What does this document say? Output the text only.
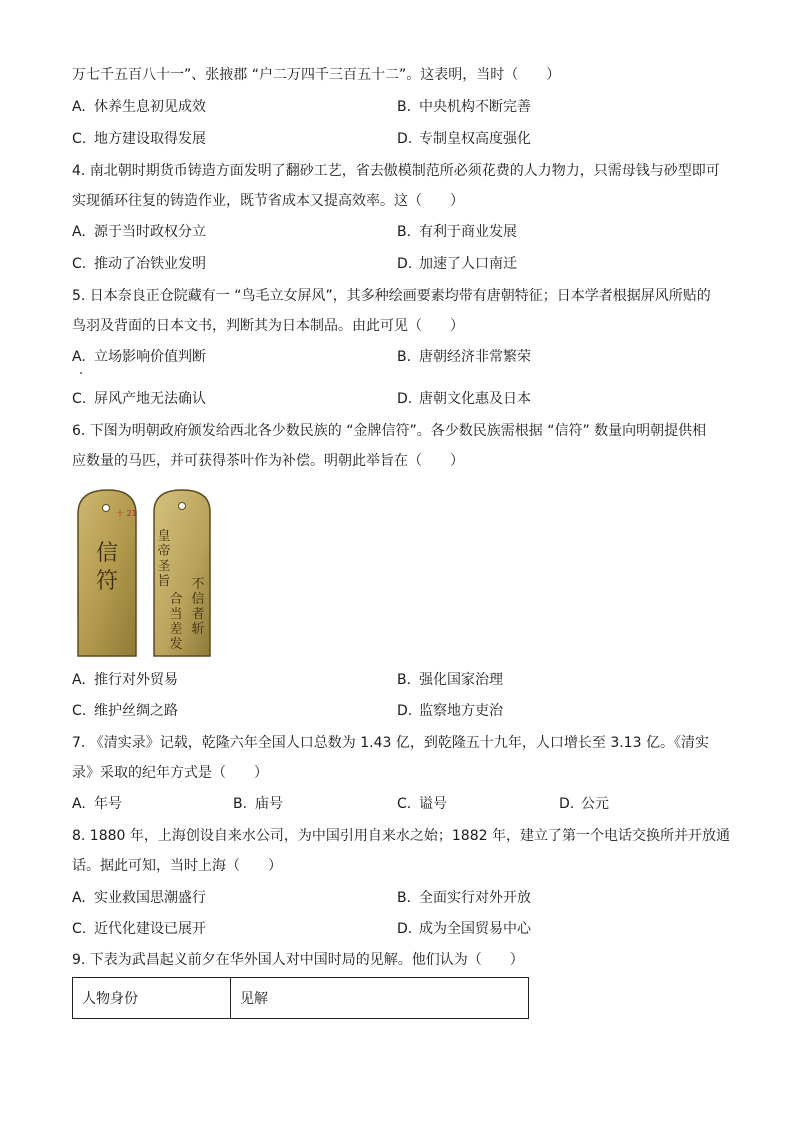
万七千五百八十一”、张掖郡 “户二万四千三百五十二”。这表明，当时（　　）
A. 休养生息初见成效	B. 中央机构不断完善
C. 地方建设取得发展	D. 专制皇权高度强化
4. 南北朝时期货币铸造方面发明了翻砂工艺，省去傲模制范所必须花费的人力物力，只需母钱与砂型即可
实现循环往复的铸造作业，既节省成本又提高效率。这（　　）
A. 源于当时政权分立	B. 有利于商业发展
C. 推动了冶铁业发明	D. 加速了人口南迁
5. 日本奈良正仓院藏有一 “鸟毛立女屏风”，其多种绘画要素均带有唐朝特征；日本学者根据屏风所贴的
鸟羽及背面的日本文书，判断其为日本制品。由此可见（　　）
A. 立场影响价值判断	B. 唐朝经济非常繁荣
C. 屏风产地无法确认	D. 唐朝文化惠及日本
6. 下图为明朝政府颁发给西北各少数民族的 “金牌信符”。各少数民族需根据 “信符” 数量向明朝提供相
应数量的马匹，并可获得茶叶作为补偿。明朝此举旨在（　　）
十 21
信
符
皇
帝
圣
旨
合
当
差
发
不
信
者
斩
A. 推行对外贸易	B. 强化国家治理
C. 维护丝绸之路	D. 监察地方吏治
7. 《清实录》记载，乾隆六年全国人口总数为 1.43 亿，到乾隆五十九年，人口增长至 3.13 亿。《清实
录》采取的纪年方式是（　　）
A. 年号	B. 庙号	C. 谥号	D. 公元
8. 1880 年，上海创设自来水公司，为中国引用自来水之始；1882 年，建立了第一个电话交换所并开放通
话。据此可知，当时上海（　　）
A. 实业救国思潮盛行	B. 全面实行对外开放
C. 近代化建设已展开	D. 成为全国贸易中心
9. 下表为武昌起义前夕在华外国人对中国时局的见解。他们认为（　　）
人物身份	见解
